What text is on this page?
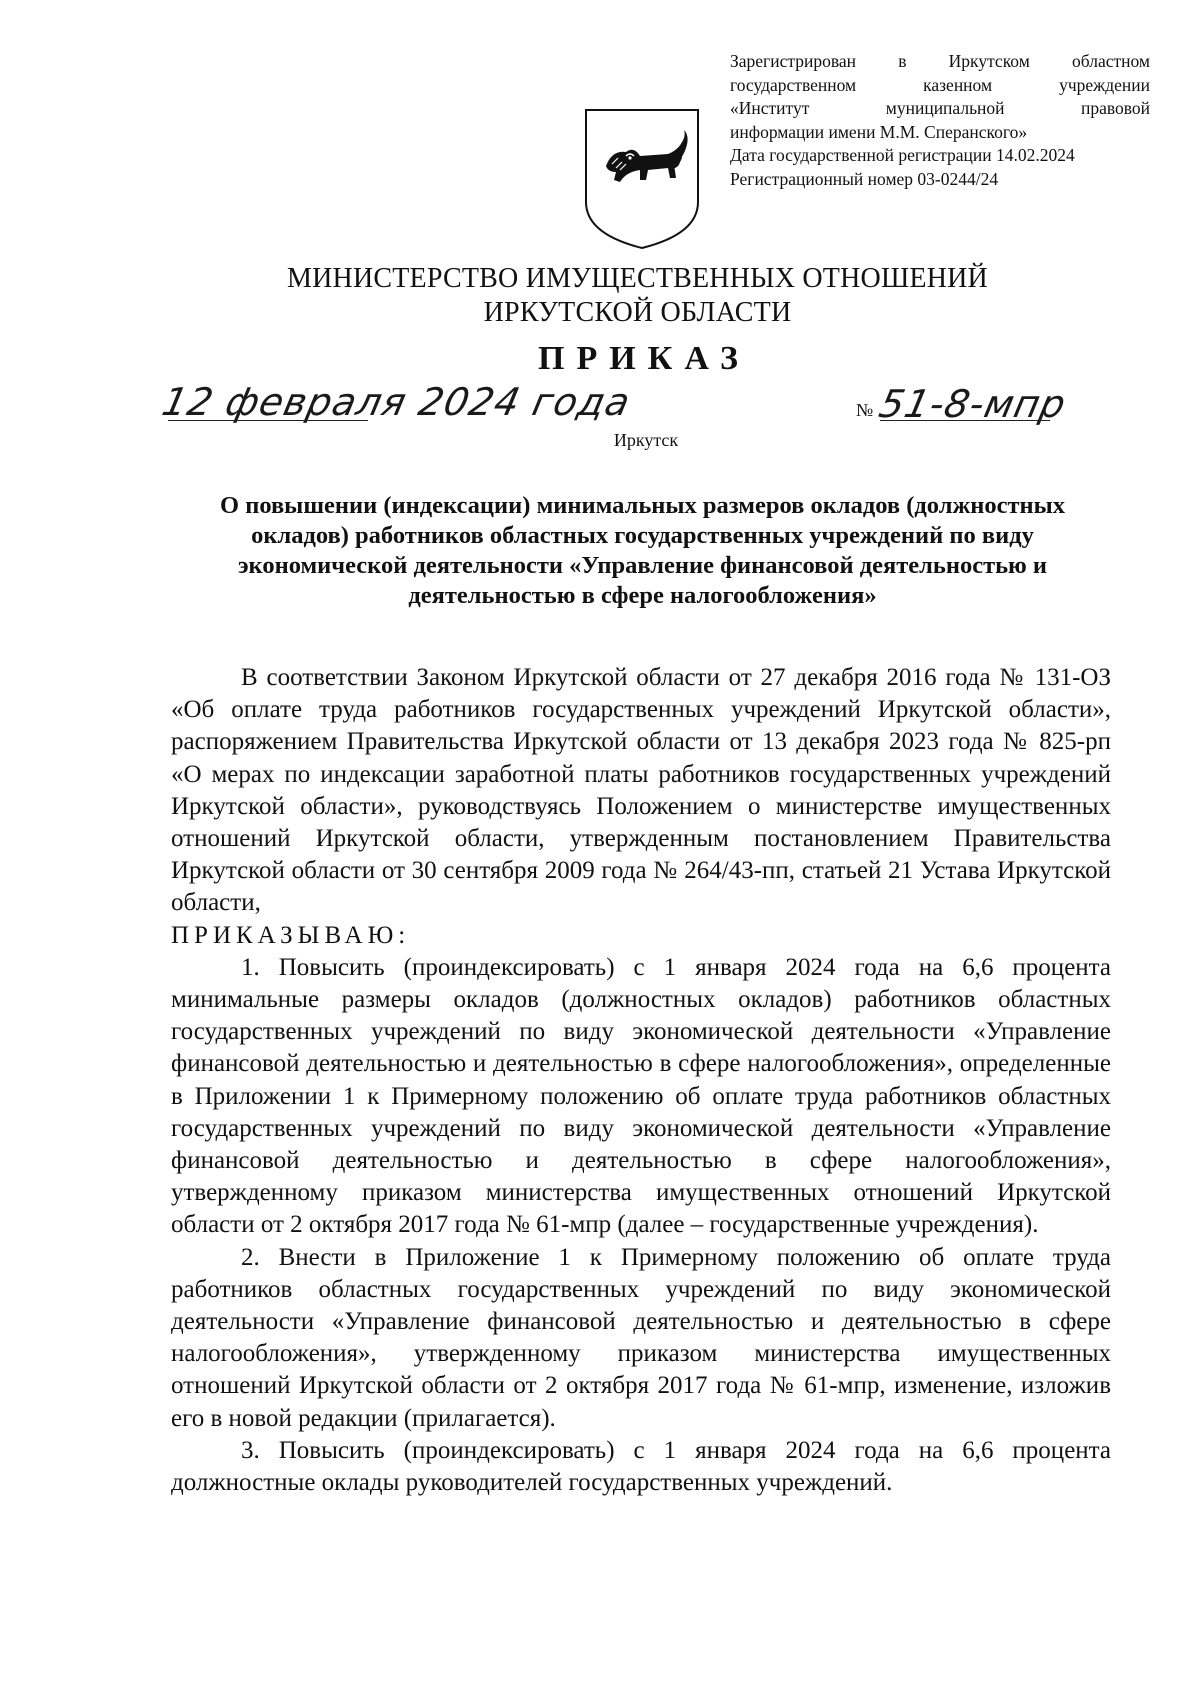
Зарегистрирован в Иркутском областном
государственном казенном учреждении
«Институт муниципальной правовой
информации имени М.М. Сперанского»
Дата государственной регистрации 14.02.2024
Регистрационный номер 03-0244/24
МИНИСТЕРСТВО ИМУЩЕСТВЕННЫХ ОТНОШЕНИЙ
ИРКУТСКОЙ ОБЛАСТИ
ПРИКАЗ
12 февраля 2024 года	№ 51-8-мпр
Иркутск
О повышении (индексации) минимальных размеров окладов (должностных окладов) работников областных государственных учреждений по виду экономической деятельности «Управление финансовой деятельностью и деятельностью в сфере налогообложения»

В соответствии Законом Иркутской области от 27 декабря 2016 года № 131-ОЗ «Об оплате труда работников государственных учреждений Иркутской области», распоряжением Правительства Иркутской области от 13 декабря 2023 года № 825-рп «О мерах по индексации заработной платы работников государственных учреждений Иркутской области», руководствуясь Положением о министерстве имущественных отношений Иркутской области, утвержденным постановлением Правительства Иркутской области от 30 сентября 2009 года № 264/43-пп, статьей 21 Устава Иркутской области,

ПРИКАЗЫВАЮ:

1. Повысить (проиндексировать) с 1 января 2024 года на 6,6 процента минимальные размеры окладов (должностных окладов) работников областных государственных учреждений по виду экономической деятельности «Управление финансовой деятельностью и деятельностью в сфере налогообложения», определенные в Приложении 1 к Примерному положению об оплате труда работников областных государственных учреждений по виду экономической деятельности «Управление финансовой деятельностью и деятельностью в сфере налогообложения», утвержденному приказом министерства имущественных отношений Иркутской области от 2 октября 2017 года № 61-мпр (далее – государственные учреждения).

2. Внести в Приложение 1 к Примерному положению об оплате труда работников областных государственных учреждений по виду экономической деятельности «Управление финансовой деятельностью и деятельностью в сфере налогообложения», утвержденному приказом министерства имущественных отношений Иркутской области от 2 октября 2017 года № 61-мпр, изменение, изложив его в новой редакции (прилагается).

3. Повысить (проиндексировать) с 1 января 2024 года на 6,6 процента должностные оклады руководителей государственных учреждений.
